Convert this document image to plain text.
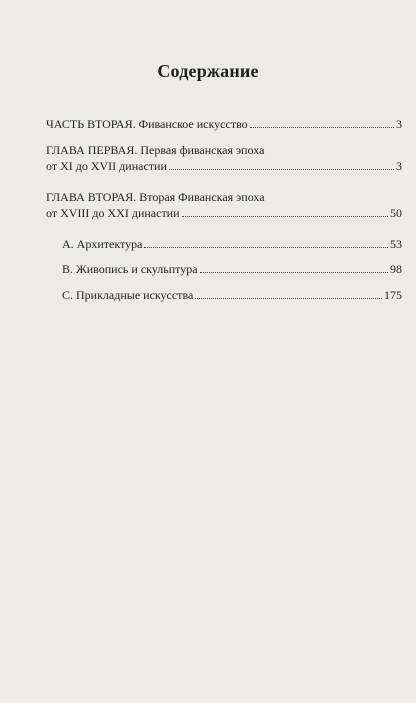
Содержание
ЧАСТЬ ВТОРАЯ. Фиванское искусство	3
ГЛАВА ПЕРВАЯ. Первая фиванская эпоха
от XI до XVII династии	3
ГЛАВА ВТОРАЯ. Вторая Фиванская эпоха
от XVIII до XXI династии	50
А. Архитектура	53
В. Живопись и скульптура	98
С. Прикладные искусства	175
